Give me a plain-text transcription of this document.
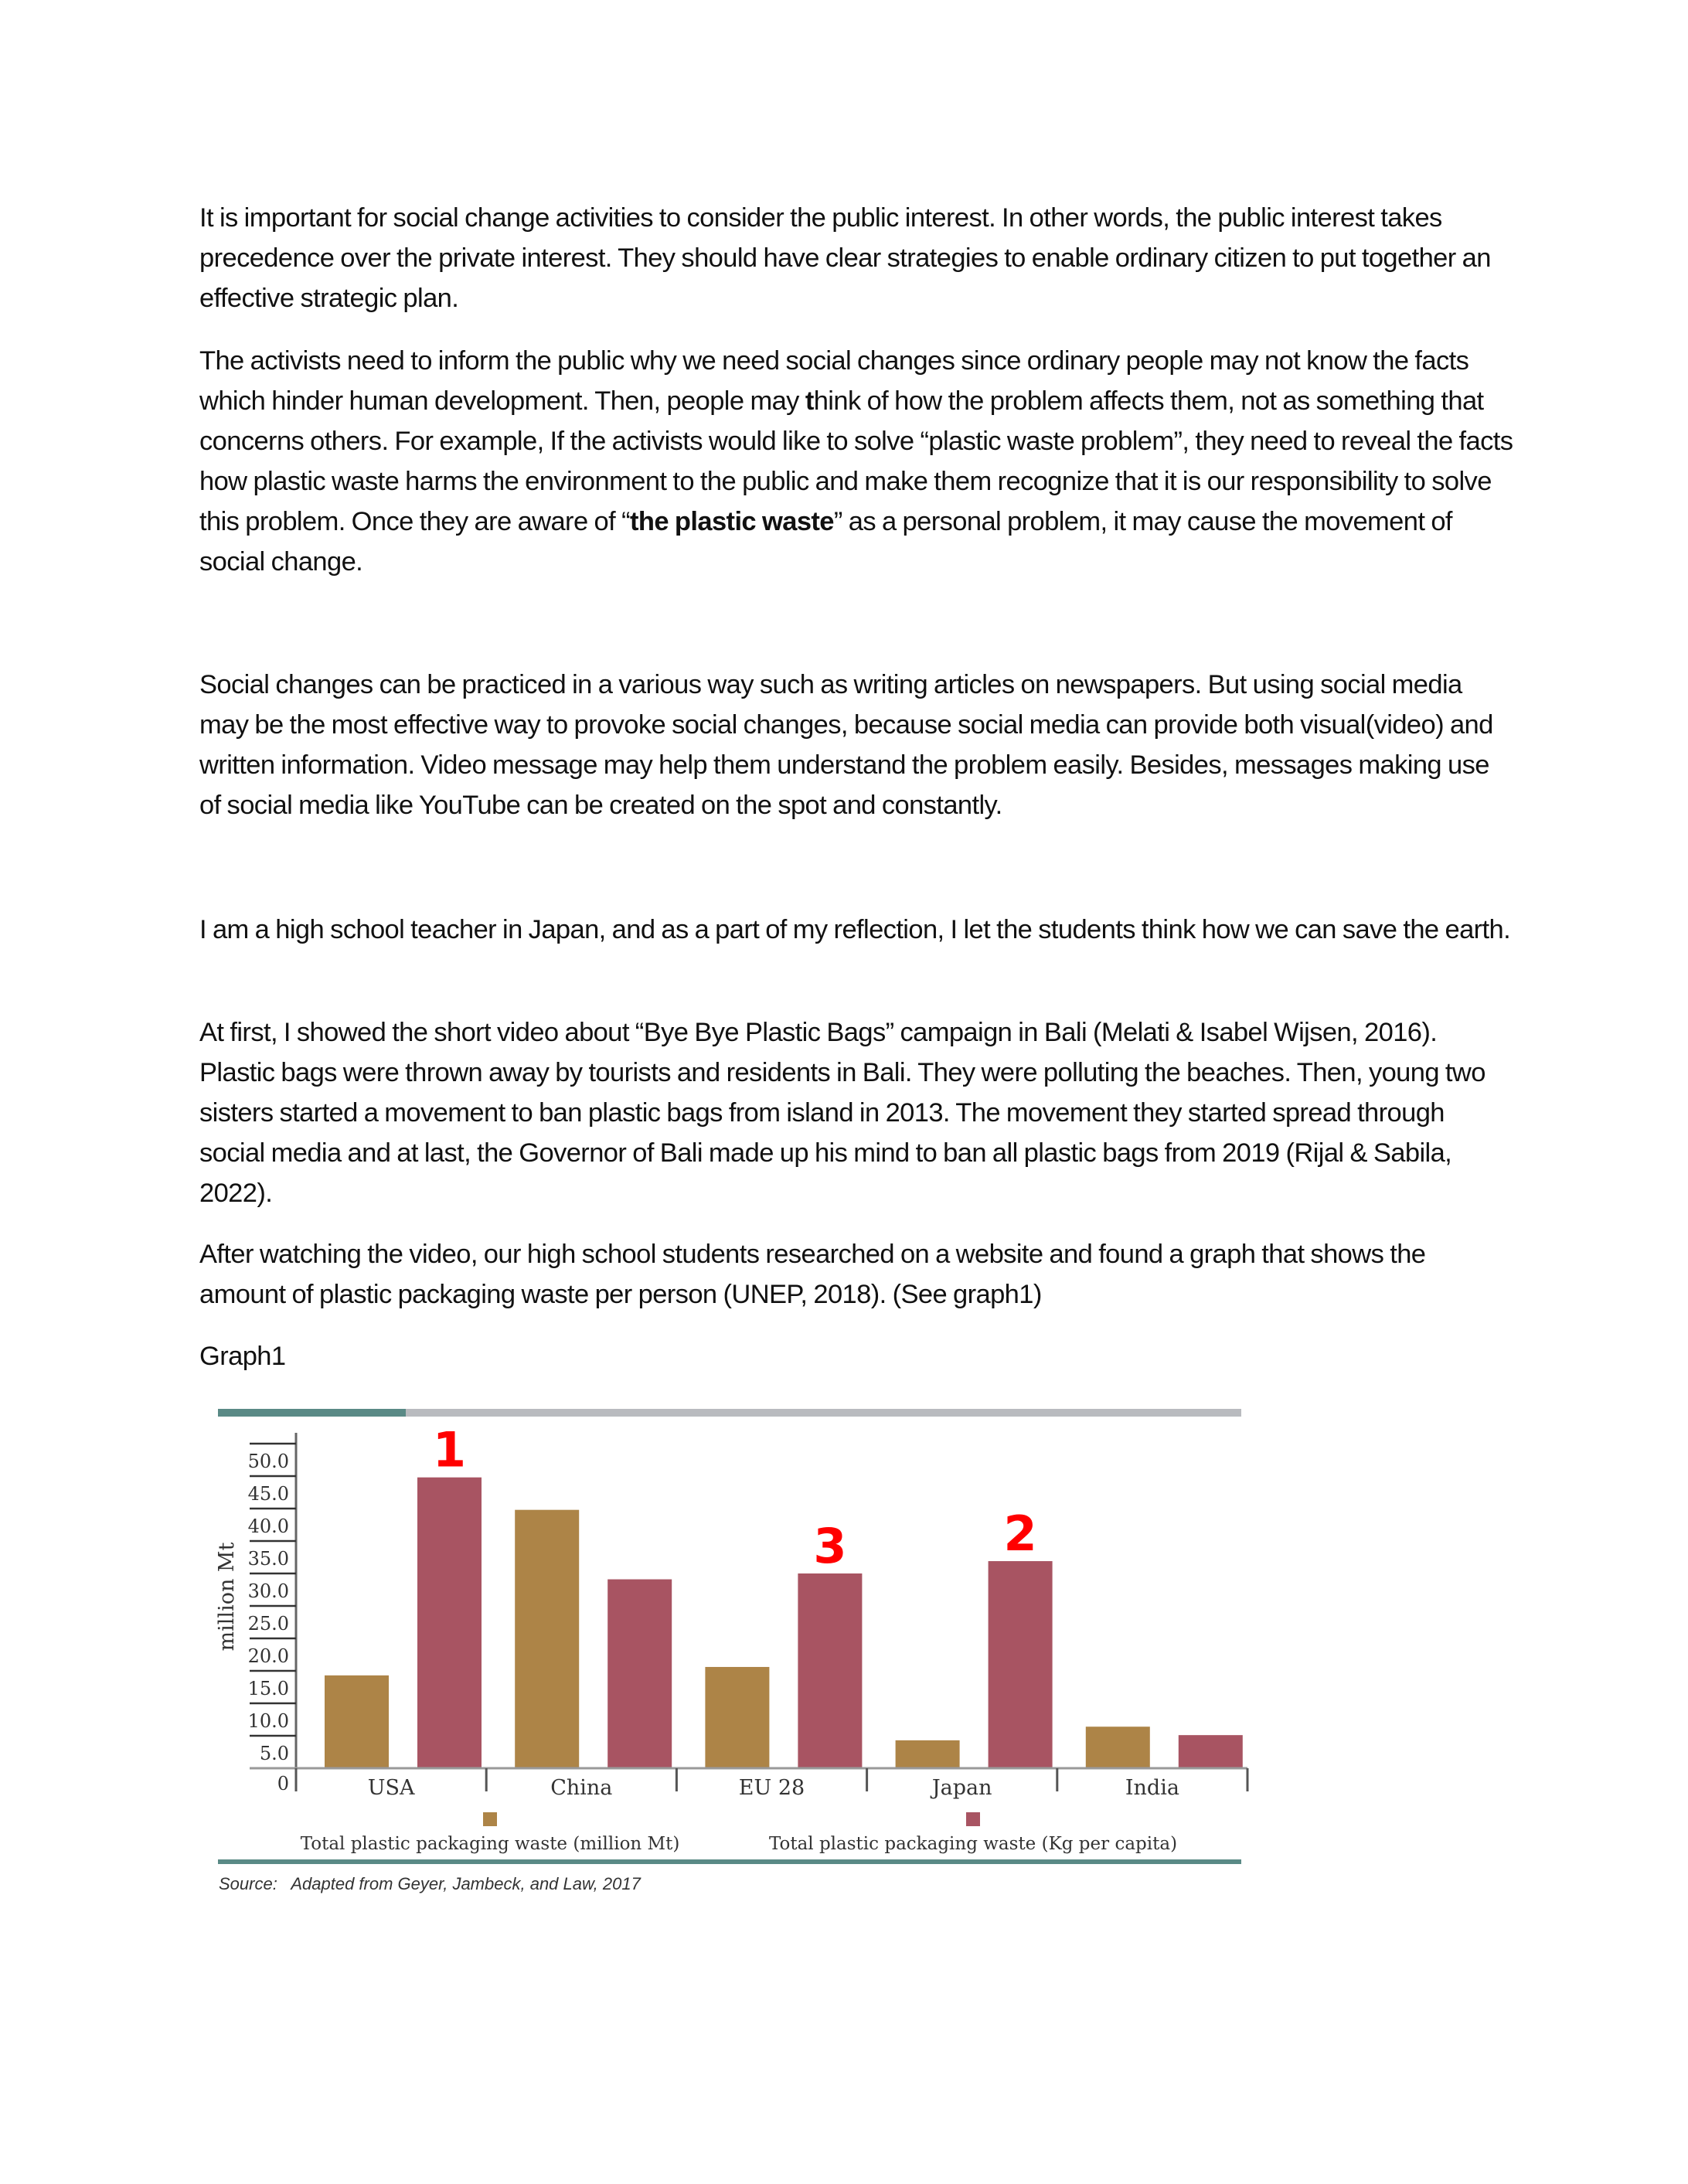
It is important for social change activities to consider the public interest. In other words, the public interest takes precedence over the private interest. They should have clear strategies to enable ordinary citizen to put together an effective strategic plan.

The activists need to inform the public why we need social changes since ordinary people may not know the facts which hinder human development. Then, people may think of how the problem affects them, not as something that concerns others. For example, If the activists would like to solve “plastic waste problem”, they need to reveal the facts how plastic waste harms the environment to the public and make them recognize that it is our responsibility to solve this problem. Once they are aware of “the plastic waste” as a personal problem, it may cause the movement of social change.

Social changes can be practiced in a various way such as writing articles on newspapers. But using social media may be the most effective way to provoke social changes, because social media can provide both visual(video) and written information. Video message may help them understand the problem easily. Besides, messages making use of social media like YouTube can be created on the spot and constantly.

I am a high school teacher in Japan, and as a part of my reflection, I let the students think how we can save the earth.

At first, I showed the short video about “Bye Bye Plastic Bags” campaign in Bali (Melati & Isabel Wijsen, 2016). Plastic bags were thrown away by tourists and residents in Bali. They were polluting the beaches. Then, young two sisters started a movement to ban plastic bags from island in 2013. The movement they started spread through social media and at last, the Governor of Bali made up his mind to ban all plastic bags from 2019 (Rijal & Sabila, 2022).

After watching the video, our high school students researched on a website and found a graph that shows the amount of plastic packaging waste per person (UNEP, 2018). (See graph1)

Graph1

0
5.0
10.0
15.0
20.0
25.0
30.0
35.0
40.0
45.0
50.0
million Mt
USA	China	EU 28	Japan	India
1
3	2
Total plastic packaging waste (million Mt)	Total plastic packaging waste (Kg per capita)
Source:   Adapted from Geyer, Jambeck, and Law, 2017
